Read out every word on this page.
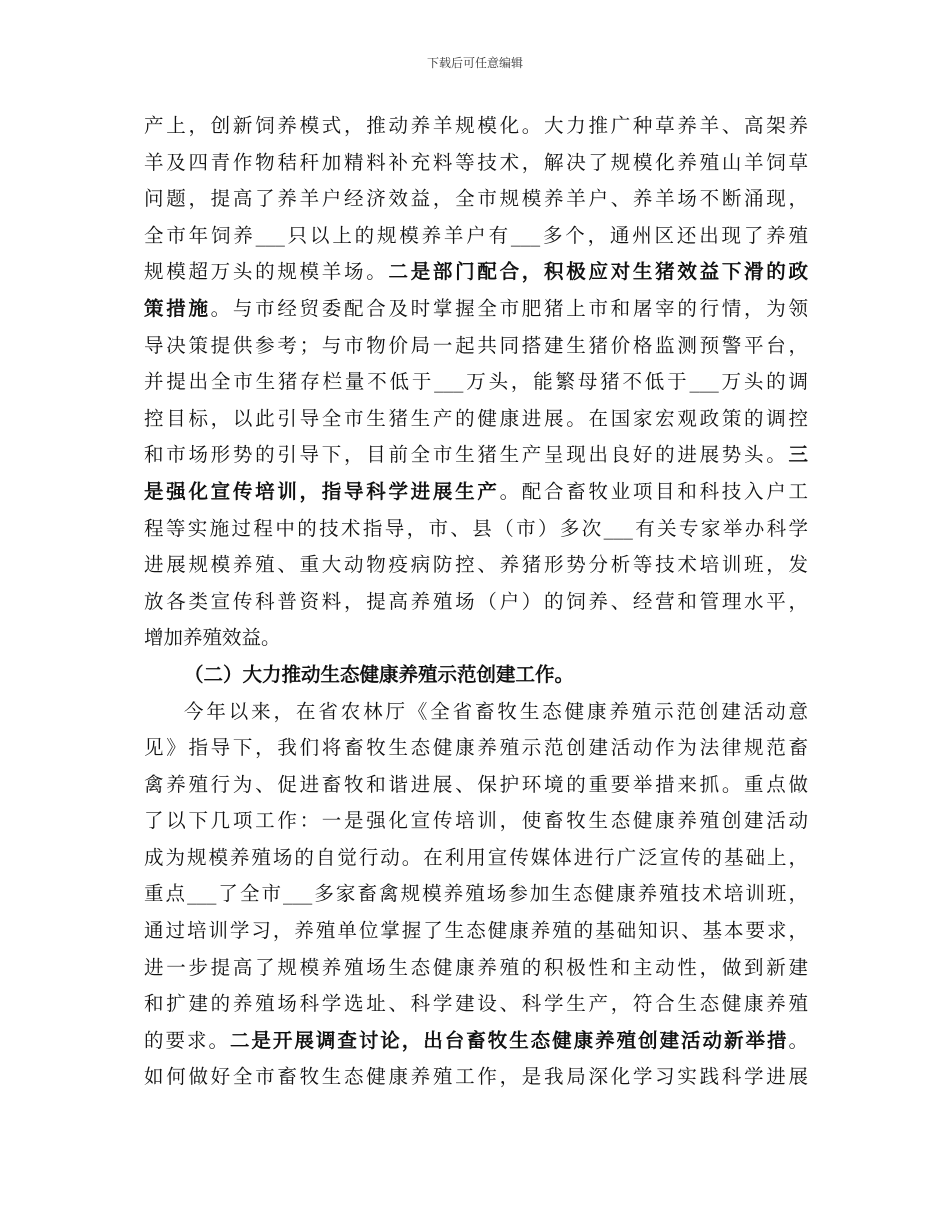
下载后可任意编辑
产上，创新饲养模式，推动养羊规模化。大力推广种草养羊、高架养
羊及四青作物秸秆加精料补充料等技术，解决了规模化养殖山羊饲草
问题，提高了养羊户经济效益，全市规模养羊户、养羊场不断涌现，
全市年饲养___只以上的规模养羊户有___多个，通州区还出现了养殖
规模超万头的规模羊场。二是部门配合，积极应对生猪效益下滑的政
策措施。与市经贸委配合及时掌握全市肥猪上市和屠宰的行情，为领
导决策提供参考；与市物价局一起共同搭建生猪价格监测预警平台，
并提出全市生猪存栏量不低于___万头，能繁母猪不低于___万头的调
控目标，以此引导全市生猪生产的健康进展。在国家宏观政策的调控
和市场形势的引导下，目前全市生猪生产呈现出良好的进展势头。三
是强化宣传培训，指导科学进展生产。配合畜牧业项目和科技入户工
程等实施过程中的技术指导，市、县（市）多次___有关专家举办科学
进展规模养殖、重大动物疫病防控、养猪形势分析等技术培训班，发
放各类宣传科普资料，提高养殖场（户）的饲养、经营和管理水平，
增加养殖效益。
（二）大力推动生态健康养殖示范创建工作。
今年以来，在省农林厅《全省畜牧生态健康养殖示范创建活动意
见》指导下，我们将畜牧生态健康养殖示范创建活动作为法律规范畜
禽养殖行为、促进畜牧和谐进展、保护环境的重要举措来抓。重点做
了以下几项工作：一是强化宣传培训，使畜牧生态健康养殖创建活动
成为规模养殖场的自觉行动。在利用宣传媒体进行广泛宣传的基础上，
重点___了全市___多家畜禽规模养殖场参加生态健康养殖技术培训班，
通过培训学习，养殖单位掌握了生态健康养殖的基础知识、基本要求，
进一步提高了规模养殖场生态健康养殖的积极性和主动性，做到新建
和扩建的养殖场科学选址、科学建设、科学生产，符合生态健康养殖
的要求。二是开展调查讨论，出台畜牧生态健康养殖创建活动新举措。
如何做好全市畜牧生态健康养殖工作，是我局深化学习实践科学进展
